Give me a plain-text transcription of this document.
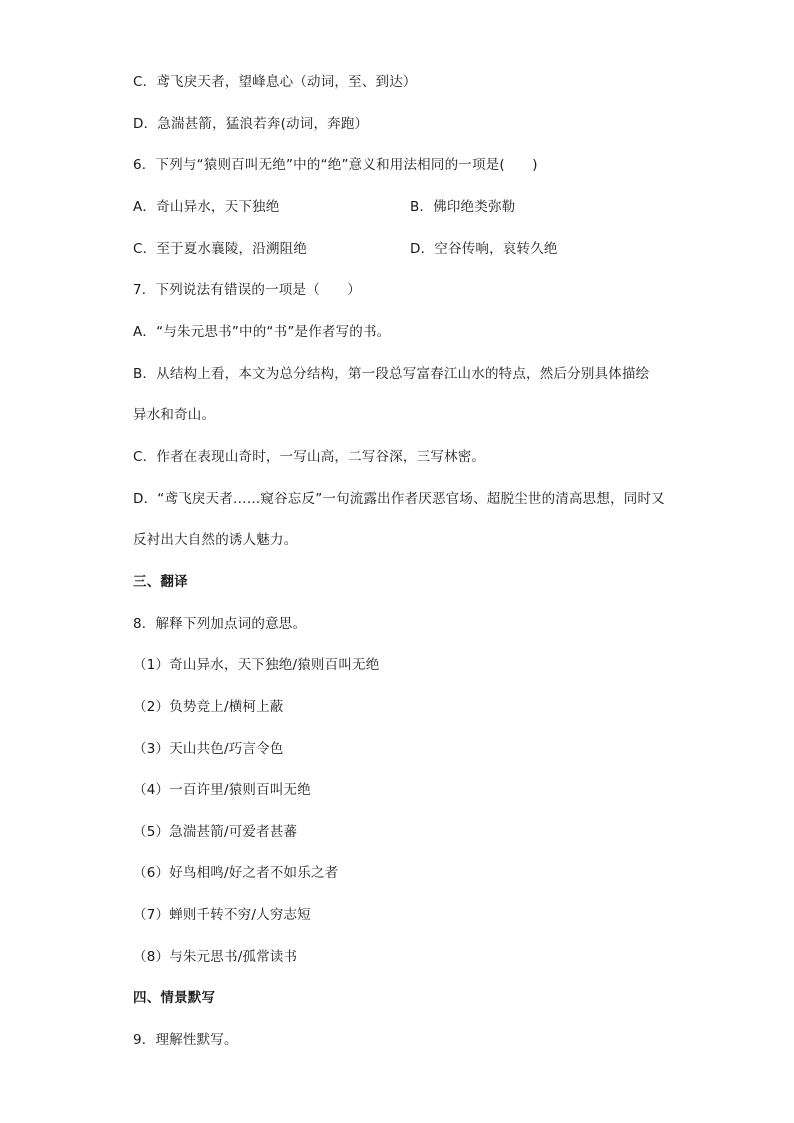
C．鸢飞戾天者，望峰息心（动词，至、到达）
D．急湍甚箭，猛浪若奔(动词，奔跑）
6．下列与“猿则百叫无绝”中的“绝”意义和用法相同的一项是(　　)
A．奇山异水，天下独绝	B．佛印绝类弥勒
C．至于夏水襄陵，沿溯阻绝	D．空谷传响，哀转久绝
7．下列说法有错误的一项是（　　）
A．“与朱元思书”中的“书”是作者写的书。
B．从结构上看，本文为总分结构，第一段总写富春江山水的特点，然后分别具体描绘
异水和奇山。
C．作者在表现山奇时，一写山高，二写谷深，三写林密。
D．“鸢飞戾天者……窥谷忘反”一句流露出作者厌恶官场、超脱尘世的清高思想，同时又
反衬出大自然的诱人魅力。
三、翻译
8．解释下列加点词的意思。
（1）奇山异水，天下独绝/猿则百叫无绝
（2）负势竞上/横柯上蔽
（3）天山共色/巧言令色
（4）一百许里/猿则百叫无绝
（5）急湍甚箭/可爱者甚蕃
（6）好鸟相鸣/好之者不如乐之者
（7）蝉则千转不穷/人穷志短
（8）与朱元思书/孤常读书
四、情景默写
9．理解性默写。
